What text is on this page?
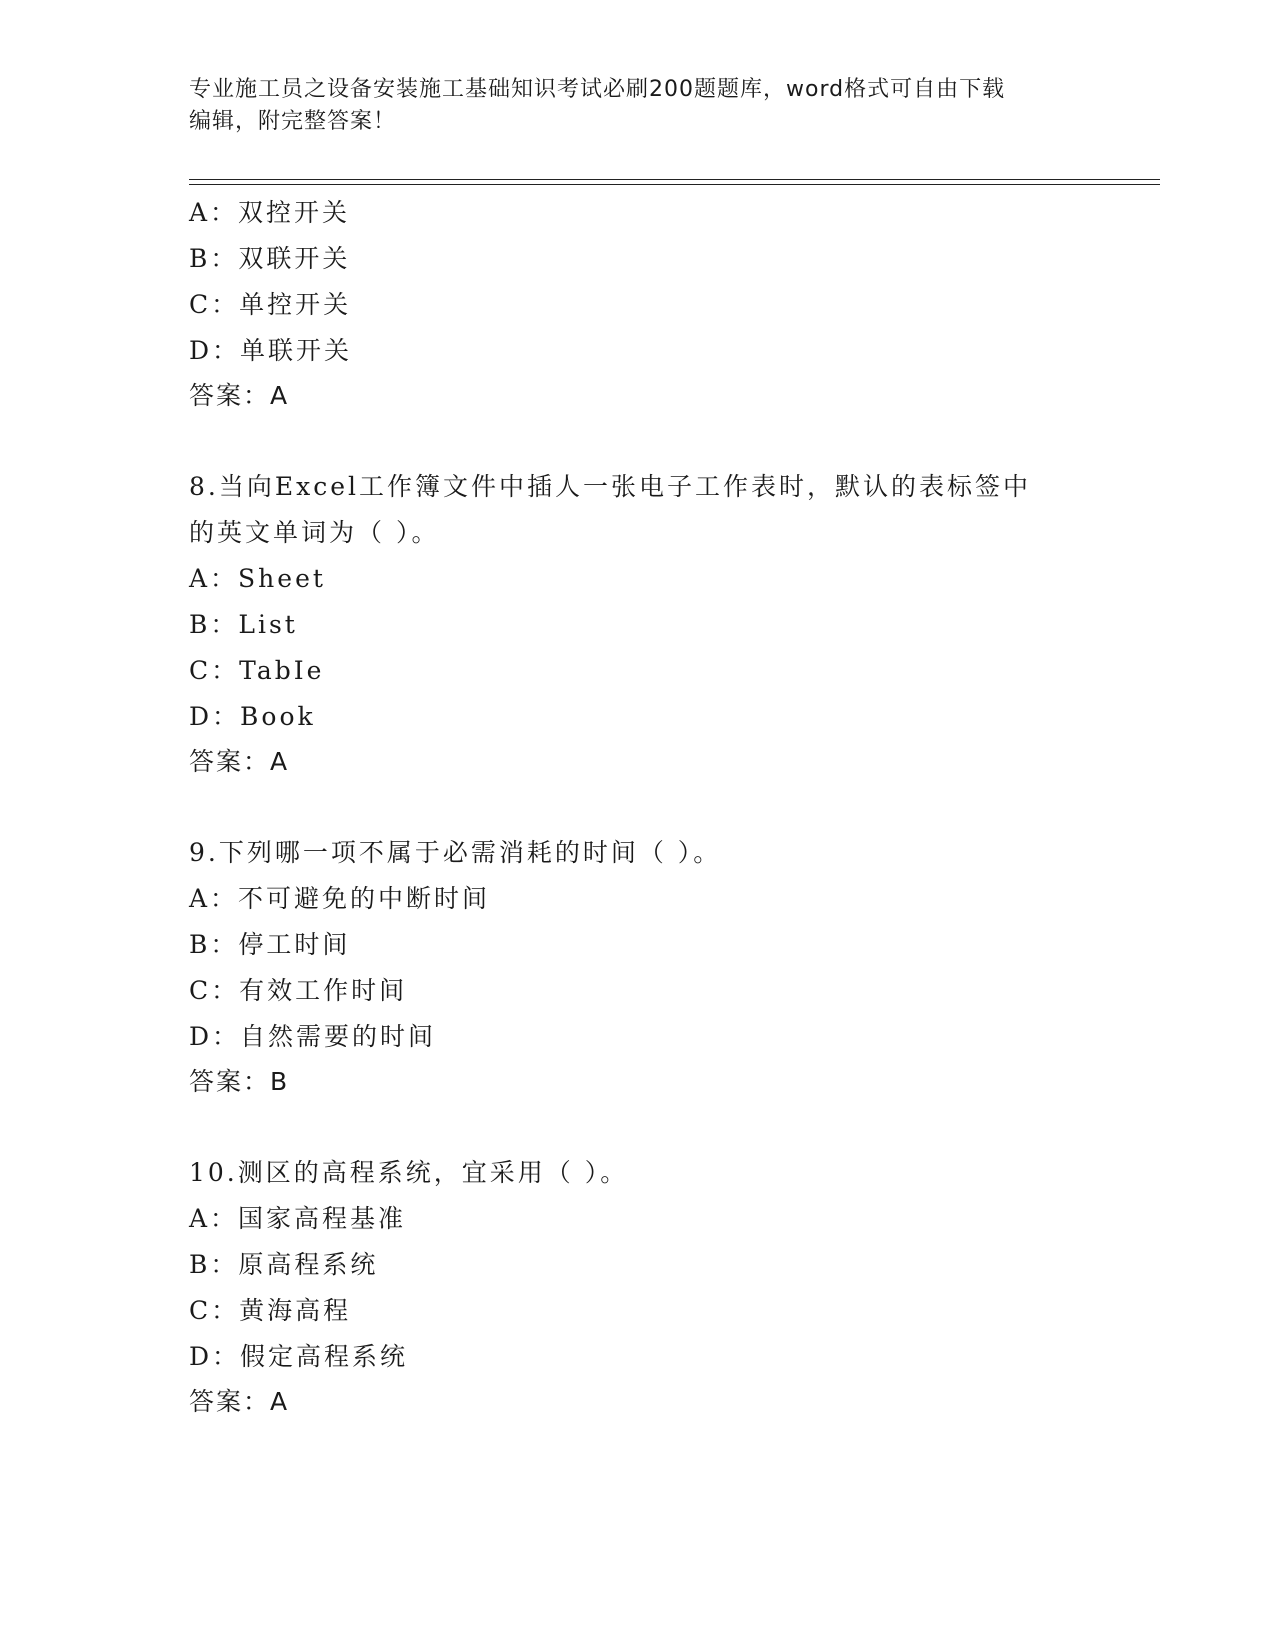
专业施工员之设备安装施工基础知识考试必刷200题题库，word格式可自由下载
编辑，附完整答案！
A：双控开关
B：双联开关
C：单控开关
D：单联开关
答案：A
8.当向Excel工作簿文件中插人一张电子工作表时，默认的表标签中
的英文单词为（ ）。
A：Sheet
B：List
C：TabIe
D：Book
答案：A
9.下列哪一项不属于必需消耗的时间（ ）。
A：不可避免的中断时间
B：停工时间
C：有效工作时间
D：自然需要的时间
答案：B
10.测区的高程系统，宜采用（ ）。
A：国家高程基准
B：原高程系统
C：黄海高程
D：假定高程系统
答案：A
